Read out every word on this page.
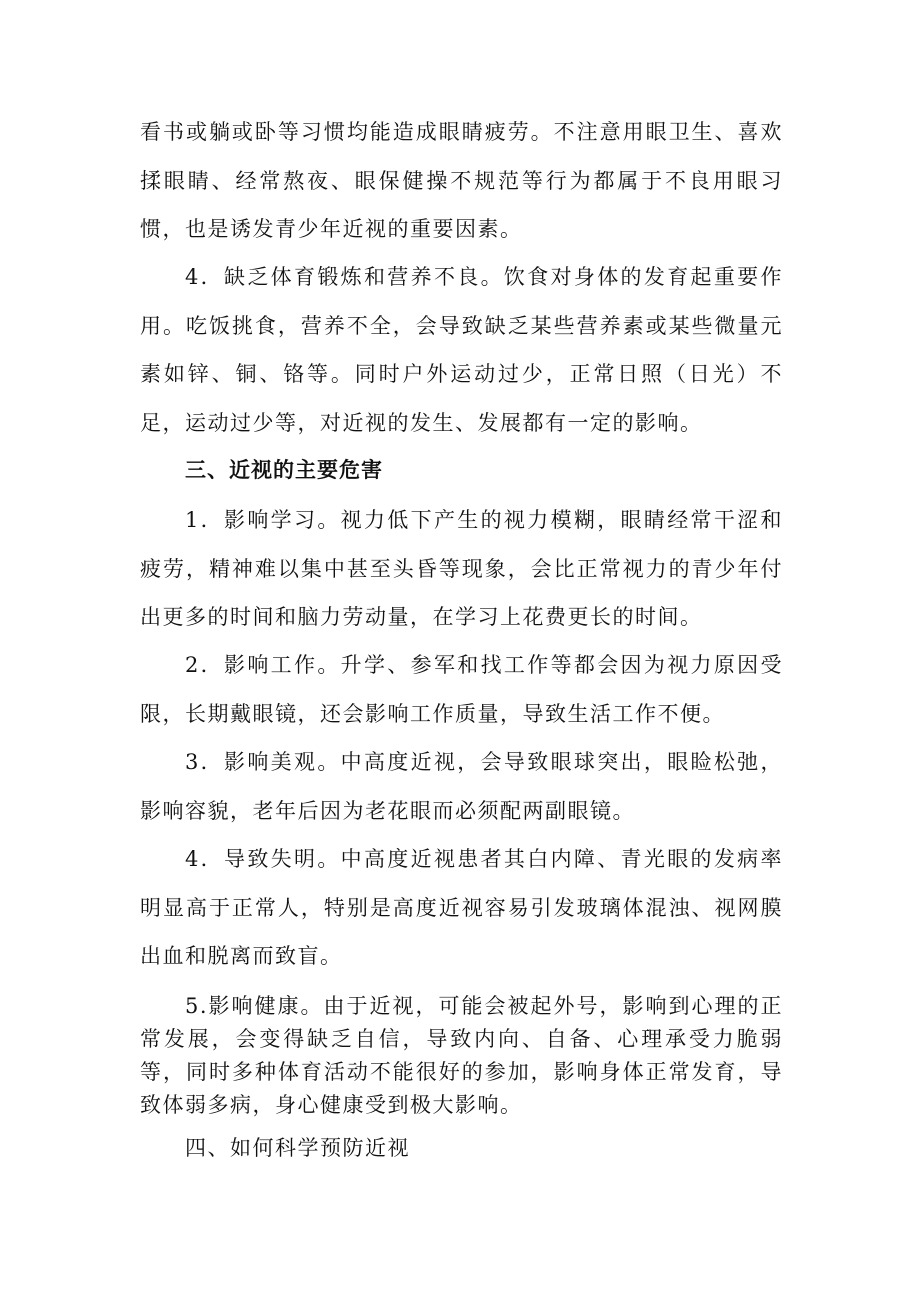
看书或躺或卧等习惯均能造成眼睛疲劳。不注意用眼卫生、喜欢揉眼睛、经常熬夜、眼保健操不规范等行为都属于不良用眼习惯，也是诱发青少年近视的重要因素。

4．缺乏体育锻炼和营养不良。饮食对身体的发育起重要作用。吃饭挑食，营养不全，会导致缺乏某些营养素或某些微量元素如锌、铜、铬等。同时户外运动过少，正常日照（日光）不足，运动过少等，对近视的发生、发展都有一定的影响。

三、近视的主要危害

1．影响学习。视力低下产生的视力模糊，眼睛经常干涩和疲劳，精神难以集中甚至头昏等现象，会比正常视力的青少年付出更多的时间和脑力劳动量，在学习上花费更长的时间。

2．影响工作。升学、参军和找工作等都会因为视力原因受限，长期戴眼镜，还会影响工作质量，导致生活工作不便。

3．影响美观。中高度近视，会导致眼球突出，眼睑松弛，影响容貌，老年后因为老花眼而必须配两副眼镜。

4．导致失明。中高度近视患者其白内障、青光眼的发病率明显高于正常人，特别是高度近视容易引发玻璃体混浊、视网膜出血和脱离而致盲。

5.影响健康。由于近视，可能会被起外号，影响到心理的正常发展，会变得缺乏自信，导致内向、自备、心理承受力脆弱等，同时多种体育活动不能很好的参加，影响身体正常发育，导致体弱多病，身心健康受到极大影响。

四、如何科学预防近视
